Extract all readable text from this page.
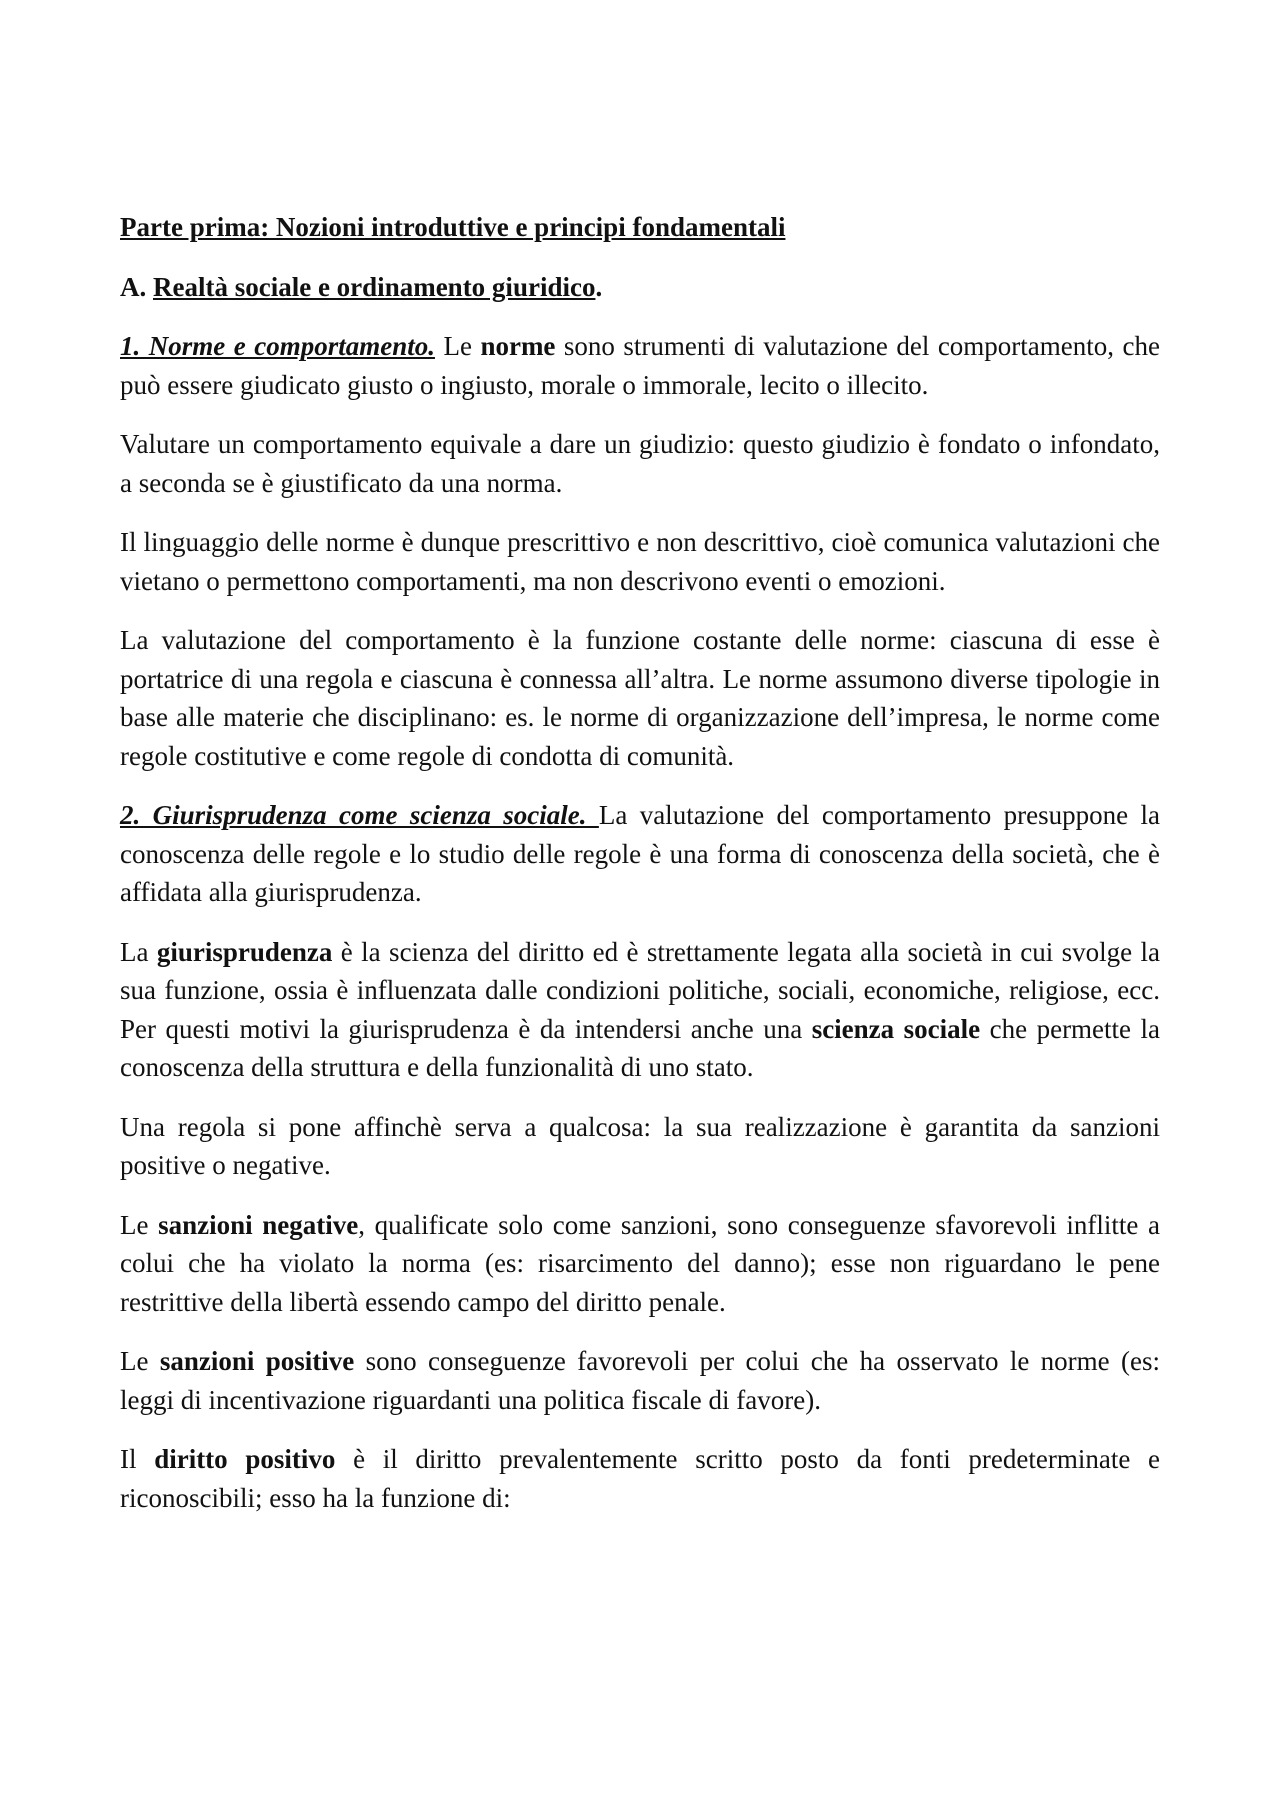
Parte prima: Nozioni introduttive e principi fondamentali

A. Realtà sociale e ordinamento giuridico.

1. Norme e comportamento. Le norme sono strumenti di valutazione del comportamento, che può essere giudicato giusto o ingiusto, morale o immorale, lecito o illecito.

Valutare un comportamento equivale a dare un giudizio: questo giudizio è fondato o infondato, a seconda se è giustificato da una norma.

Il linguaggio delle norme è dunque prescrittivo e non descrittivo, cioè comunica valutazioni che vietano o permettono comportamenti, ma non descrivono eventi o emozioni.

La valutazione del comportamento è la funzione costante delle norme: ciascuna di esse è portatrice di una regola e ciascuna è connessa all’altra. Le norme assumono diverse tipologie in base alle materie che disciplinano: es. le norme di organizzazione dell’impresa, le norme come regole costitutive e come regole di condotta di comunità.

2. Giurisprudenza come scienza sociale. La valutazione del comportamento presuppone la conoscenza delle regole e lo studio delle regole è una forma di conoscenza della società, che è affidata alla giurisprudenza.

La giurisprudenza è la scienza del diritto ed è strettamente legata alla società in cui svolge la sua funzione, ossia è influenzata dalle condizioni politiche, sociali, economiche, religiose, ecc. Per questi motivi la giurisprudenza è da intendersi anche una scienza sociale che permette la conoscenza della struttura e della funzionalità di uno stato.

Una regola si pone affinchè serva a qualcosa: la sua realizzazione è garantita da sanzioni positive o negative.

Le sanzioni negative, qualificate solo come sanzioni, sono conseguenze sfavorevoli inflitte a colui che ha violato la norma (es: risarcimento del danno); esse non riguardano le pene restrittive della libertà essendo campo del diritto penale.

Le sanzioni positive sono conseguenze favorevoli per colui che ha osservato le norme (es: leggi di incentivazione riguardanti una politica fiscale di favore).

Il diritto positivo è il diritto prevalentemente scritto posto da fonti predeterminate e riconoscibili; esso ha la funzione di:
